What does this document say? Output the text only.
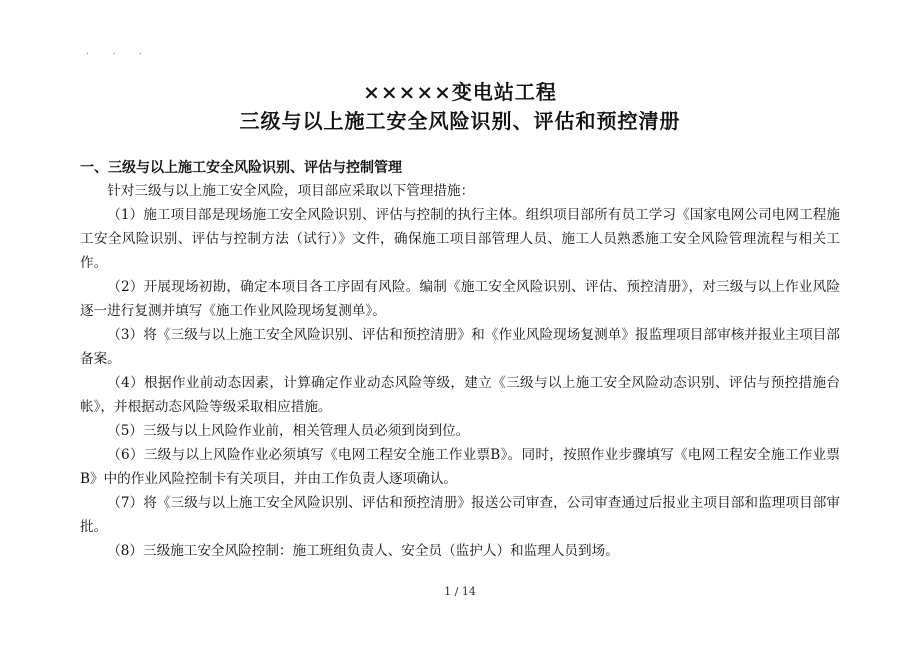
. . .
×××××变电站工程
三级与以上施工安全风险识别、评估和预控清册
一、三级与以上施工安全风险识别、评估与控制管理

针对三级与以上施工安全风险，项目部应采取以下管理措施：

（1）施工项目部是现场施工安全风险识别、评估与控制的执行主体。组织项目部所有员工学习《国家电网公司电网工程施工安全风险识别、评估与控制方法（试行）》文件，确保施工项目部管理人员、施工人员熟悉施工安全风险管理流程与相关工作。

（2）开展现场初勘，确定本项目各工序固有风险。编制《施工安全风险识别、评估、预控清册》，对三级与以上作业风险逐一进行复测并填写《施工作业风险现场复测单》。

（3）将《三级与以上施工安全风险识别、评估和预控清册》和《作业风险现场复测单》报监理项目部审核并报业主项目部备案。

（4）根据作业前动态因素，计算确定作业动态风险等级，建立《三级与以上施工安全风险动态识别、评估与预控措施台帐》，并根据动态风险等级采取相应措施。

（5）三级与以上风险作业前，相关管理人员必须到岗到位。

（6）三级与以上风险作业必须填写《电网工程安全施工作业票B》。同时，按照作业步骤填写《电网工程安全施工作业票B》中的作业风险控制卡有关项目，并由工作负责人逐项确认。

（7）将《三级与以上施工安全风险识别、评估和预控清册》报送公司审查，公司审查通过后报业主项目部和监理项目部审批。

（8）三级施工安全风险控制：施工班组负责人、安全员（监护人）和监理人员到场。

1 / 14
